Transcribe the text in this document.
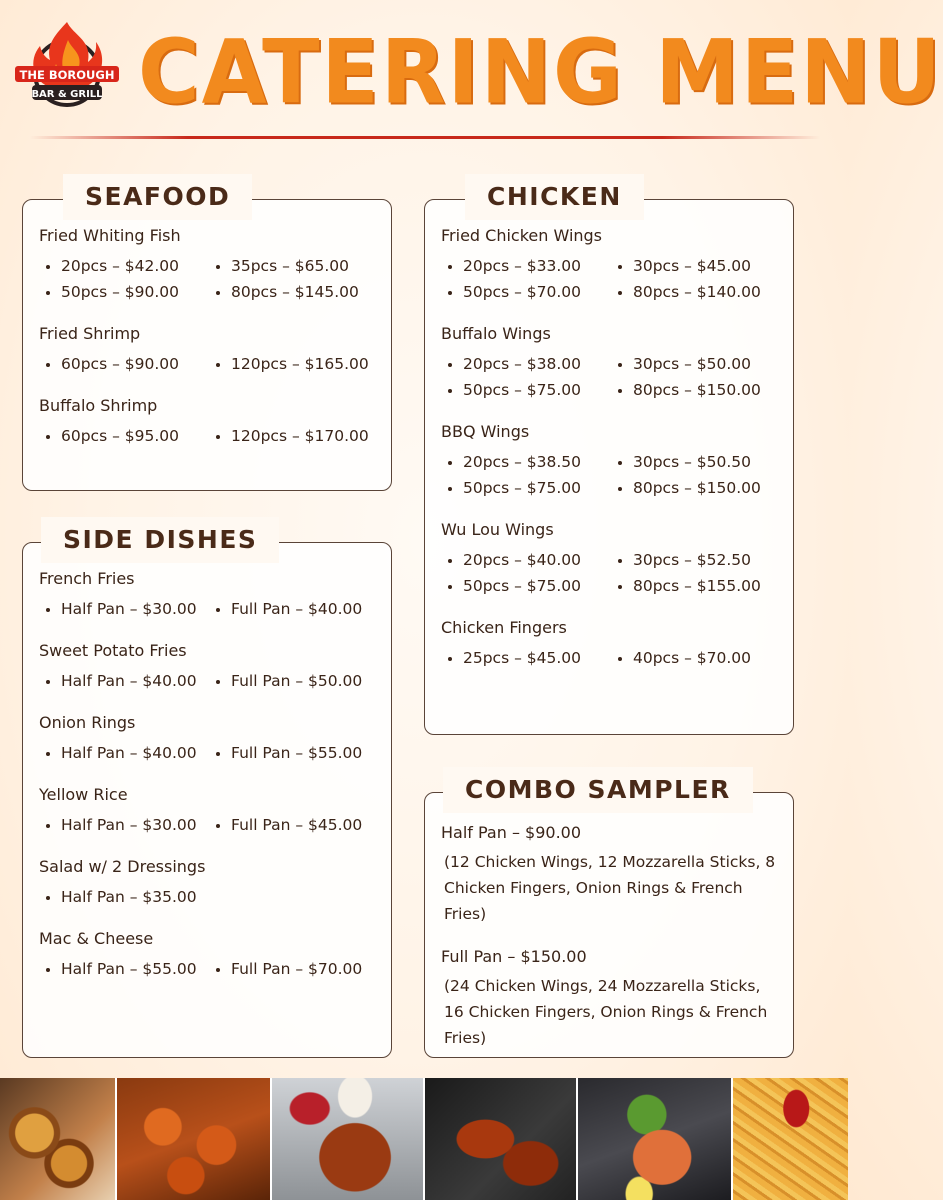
THE BOROUGH
BAR & GRILL CATERING MENU
SEAFOOD
Fried Whiting Fish
20pcs – $42.00	35pcs – $65.00
50pcs – $90.00	80pcs – $145.00
Fried Shrimp
60pcs – $90.00	120pcs – $165.00
Buffalo Shrimp
60pcs – $95.00	120pcs – $170.00
SIDE DISHES
French Fries
Half Pan – $30.00	Full Pan – $40.00
Sweet Potato Fries
Half Pan – $40.00	Full Pan – $50.00
Onion Rings
Half Pan – $40.00	Full Pan – $55.00
Yellow Rice
Half Pan – $30.00	Full Pan – $45.00
Salad w/ 2 Dressings
Half Pan – $35.00
Mac & Cheese
Half Pan – $55.00	Full Pan – $70.00
CHICKEN
Fried Chicken Wings
20pcs – $33.00	30pcs – $45.00
50pcs – $70.00	80pcs – $140.00
Buffalo Wings
20pcs – $38.00	30pcs – $50.00
50pcs – $75.00	80pcs – $150.00
BBQ Wings
20pcs – $38.50	30pcs – $50.50
50pcs – $75.00	80pcs – $150.00
Wu Lou Wings
20pcs – $40.00	30pcs – $52.50
50pcs – $75.00	80pcs – $155.00
Chicken Fingers
25pcs – $45.00	40pcs – $70.00
COMBO SAMPLER
Half Pan – $90.00
(12 Chicken Wings, 12 Mozzarella Sticks, 8 Chicken Fingers, Onion Rings & French Fries)
Full Pan – $150.00
(24 Chicken Wings, 24 Mozzarella Sticks, 16 Chicken Fingers, Onion Rings & French Fries)
